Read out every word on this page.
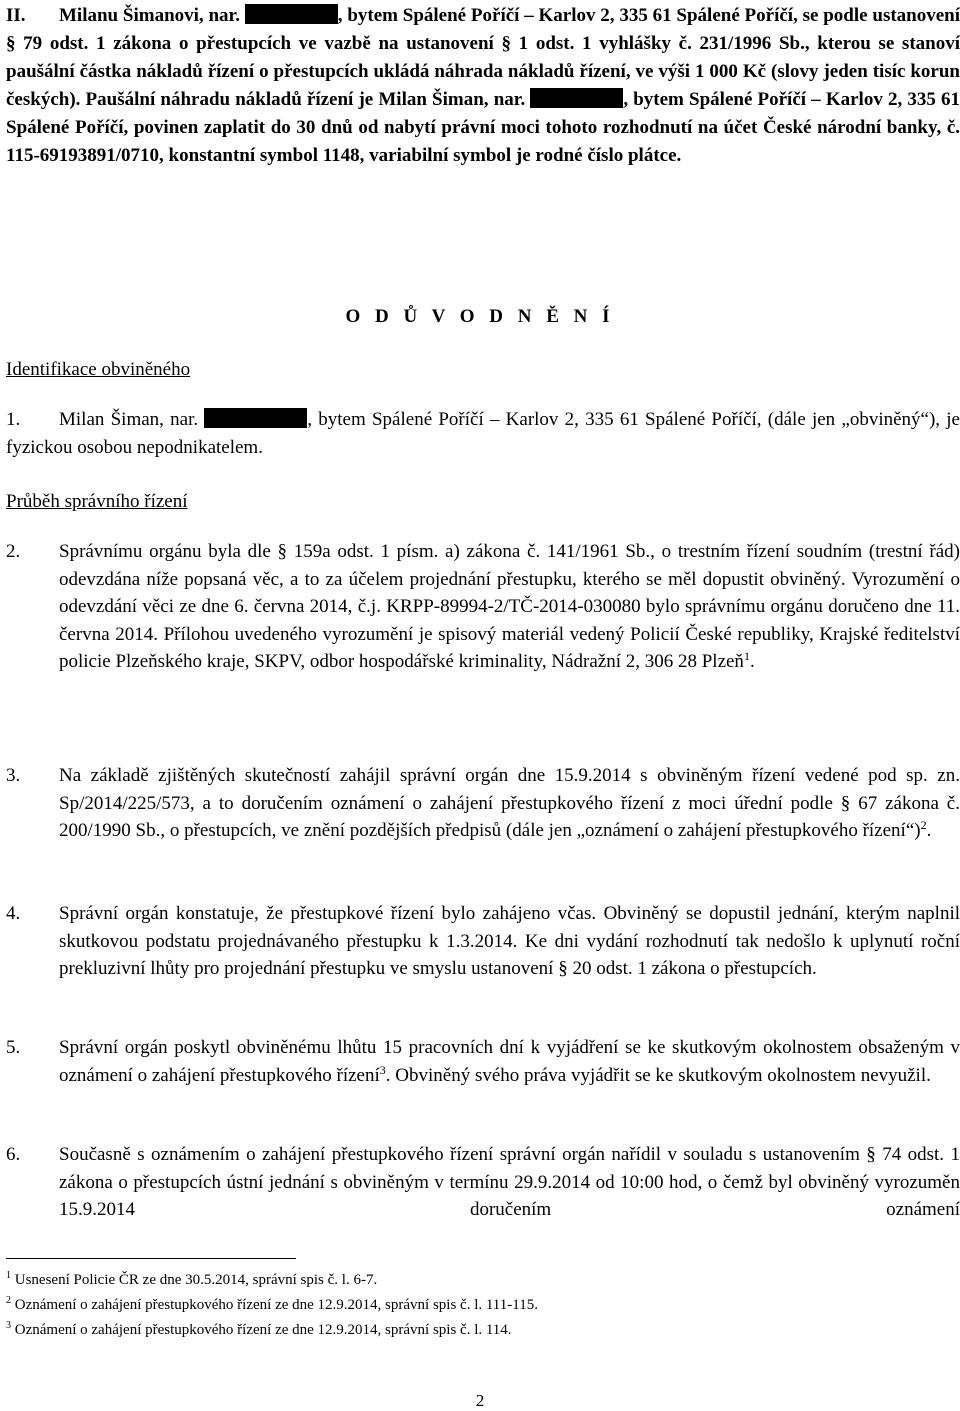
II. Milanu Šimanovi, nar.	, bytem Spálené Poříčí – Karlov 2, 335 61 Spálené Poříčí, se podle ustanovení § 79 odst. 1 zákona o přestupcích ve vazbě na ustanovení § 1 odst. 1 vyhlášky č. 231/1996 Sb., kterou se stanoví paušální částka nákladů řízení o přestupcích ukládá náhrada nákladů řízení, ve výši 1 000 Kč (slovy jeden tisíc korun českých). Paušální náhradu nákladů řízení je Milan Šiman, nar.	, bytem Spálené Poříčí – Karlov 2, 335 61 Spálené Poříčí, povinen zaplatit do 30 dnů od nabytí právní moci tohoto rozhodnutí na účet České národní banky, č. 115-69193891/0710, konstantní symbol 1148, variabilní symbol je rodné číslo plátce.
O D Ů V O D N Ě N Í
Identifikace obviněného
1. Milan Šiman, nar.	, bytem Spálené Poříčí – Karlov 2, 335 61 Spálené Poříčí, (dále jen „obviněný“), je fyzickou osobou nepodnikatelem.
Průběh správního řízení
2.	Správnímu orgánu byla dle § 159a odst. 1 písm. a) zákona č. 141/1961 Sb., o trestním řízení soudním (trestní řád) odevzdána níže popsaná věc, a to za účelem projednání přestupku, kterého se měl dopustit obviněný. Vyrozumění o odevzdání věci ze dne 6. června 2014, č.j. KRPP-89994-2/TČ-2014-030080 bylo správnímu orgánu doručeno dne 11. června 2014. Přílohou uvedeného vyrozumění je spisový materiál vedený Policií České republiky, Krajské ředitelství policie Plzeňského kraje, SKPV, odbor hospodářské kriminality, Nádražní 2, 306 28 Plzeň$^1$.
3.	Na základě zjištěných skutečností zahájil správní orgán dne 15.9.2014 s obviněným řízení vedené pod sp. zn. Sp/2014/225/573, a to doručením oznámení o zahájení přestupkového řízení z moci úřední podle § 67 zákona č. 200/1990 Sb., o přestupcích, ve znění pozdějších předpisů (dále jen „oznámení o zahájení přestupkového řízení“)$^2$.
4.	Správní orgán konstatuje, že přestupkové řízení bylo zahájeno včas. Obviněný se dopustil jednání, kterým naplnil skutkovou podstatu projednávaného přestupku k 1.3.2014. Ke dni vydání rozhodnutí tak nedošlo k uplynutí roční prekluzivní lhůty pro projednání přestupku ve smyslu ustanovení § 20 odst. 1 zákona o přestupcích.
5.	Správní orgán poskytl obviněnému lhůtu 15 pracovních dní k vyjádření se ke skutkovým okolnostem obsaženým v oznámení o zahájení přestupkového řízení$^3$. Obviněný svého práva vyjádřit se ke skutkovým okolnostem nevyužil.
6.	Současně s oznámením o zahájení přestupkového řízení správní orgán nařídil v souladu s ustanovením § 74 odst. 1 zákona o přestupcích ústní jednání s obviněným v termínu 29.9.2014 od 10:00 hod, o čemž byl obviněný vyrozuměn 15.9.2014 doručením oznámení
$^1$ Usnesení Policie ČR ze dne 30.5.2014, správní spis č. l. 6-7.
$^2$ Oznámení o zahájení přestupkového řízení ze dne 12.9.2014, správní spis č. l. 111-115.
$^3$ Oznámení o zahájení přestupkového řízení ze dne 12.9.2014, správní spis č. l. 114.
2
